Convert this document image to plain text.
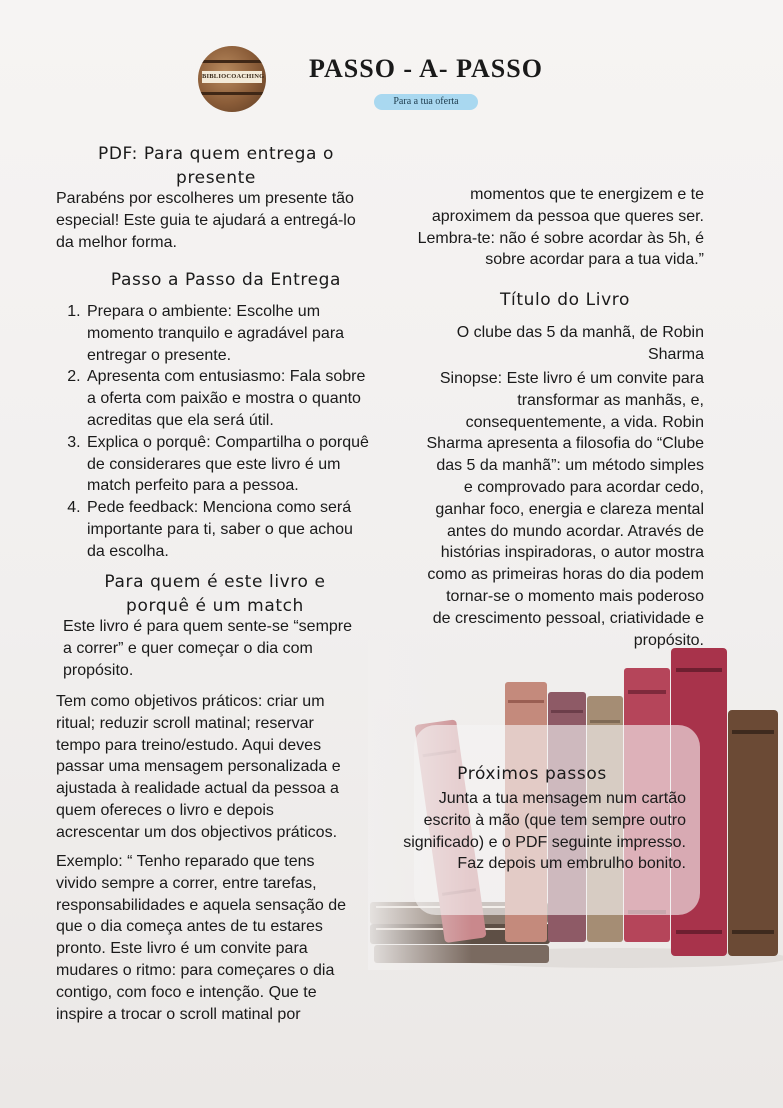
BIBLIOCOACHING	PASSO - A- PASSO
Para a tua oferta
PDF: Para quem entrega o
presente
Parabéns por escolheres um presente tão
especial! Este guia te ajudará a entregá-lo
da melhor forma.
Passo a Passo da Entrega
1. Prepara o ambiente: Escolhe um
momento tranquilo e agradável para
entregar o presente.
2. Apresenta com entusiasmo: Fala sobre
a oferta com paixão e mostra o quanto
acreditas que ela será útil.
3. Explica o porquê: Compartilha o porquê
de considerares que este livro é um
match perfeito para a pessoa.
4. Pede feedback: Menciona como será
importante para ti, saber o que achou
da escolha.
Para quem é este livro e
porquê é um match
Este livro é para quem sente-se “sempre
a correr” e quer começar o dia com
propósito.
Tem como objetivos práticos: criar um
ritual; reduzir scroll matinal; reservar
tempo para treino/estudo. Aqui deves
passar uma mensagem personalizada e
ajustada à realidade actual da pessoa a
quem ofereces o livro e depois
acrescentar um dos objectivos práticos.
Exemplo: “ Tenho reparado que tens
vivido sempre a correr, entre tarefas,
responsabilidades e aquela sensação de
que o dia começa antes de tu estares
pronto. Este livro é um convite para
mudares o ritmo: para começares o dia
contigo, com foco e intenção. Que te
inspire a trocar o scroll matinal por
momentos que te energizem e te
aproximem da pessoa que queres ser.
Lembra-te: não é sobre acordar às 5h, é
sobre acordar para a tua vida.”
Título do Livro
O clube das 5 da manhã, de Robin
Sharma
Sinopse: Este livro é um convite para
transformar as manhãs, e,
consequentemente, a vida. Robin
Sharma apresenta a filosofia do “Clube
das 5 da manhã”: um método simples
e comprovado para acordar cedo,
ganhar foco, energia e clareza mental
antes do mundo acordar. Através de
histórias inspiradoras, o autor mostra
como as primeiras horas do dia podem
tornar-se o momento mais poderoso
de crescimento pessoal, criatividade e
propósito.
Próximos passos
Junta a tua mensagem num cartão
escrito à mão (que tem sempre outro
significado) e o PDF seguinte impresso.
Faz depois um embrulho bonito.
